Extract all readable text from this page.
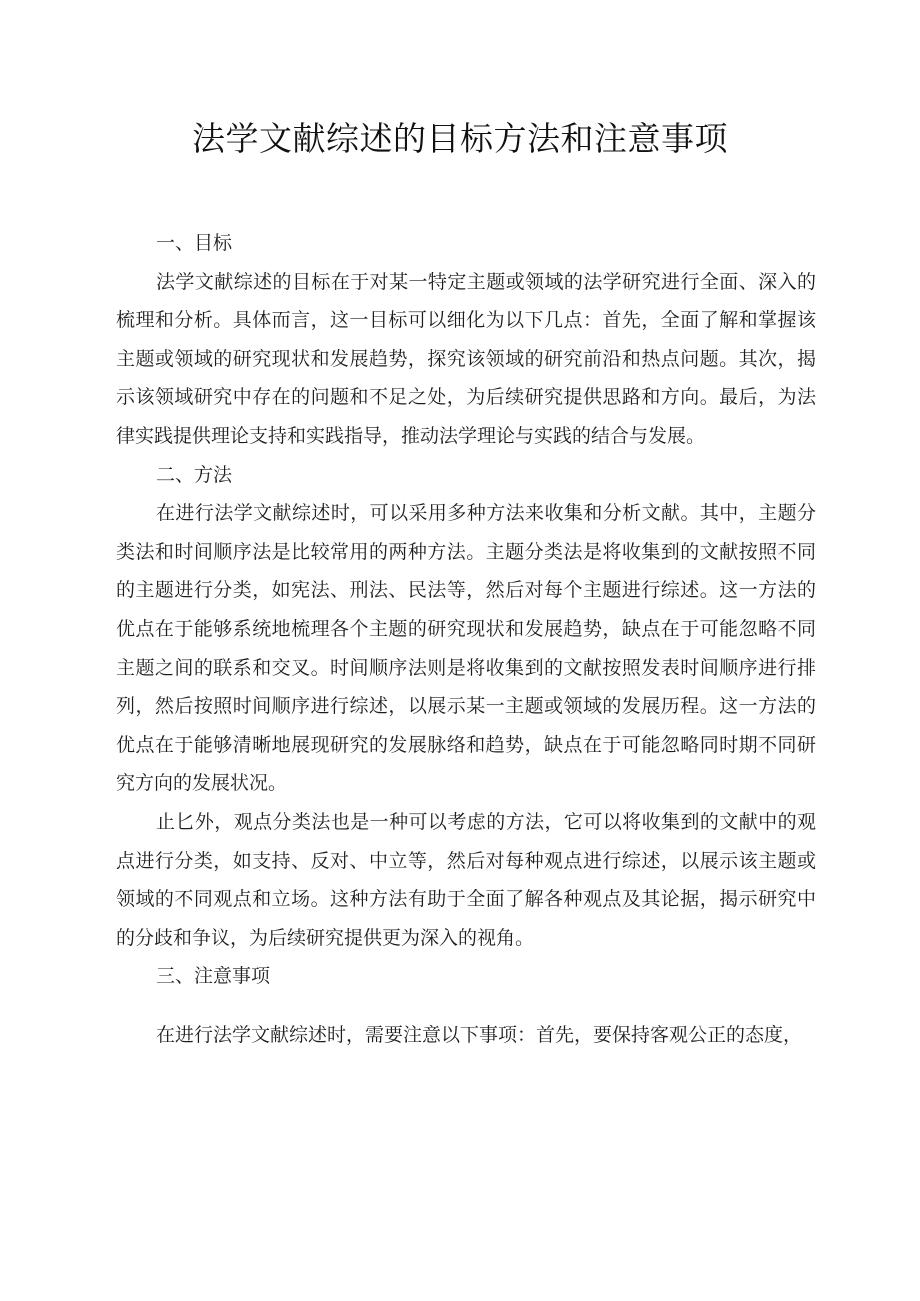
法学文献综述的目标方法和注意事项

一、目标

法学文献综述的目标在于对某一特定主题或领域的法学研究进行全面、深入的梳理和分析。具体而言，这一目标可以细化为以下几点：首先，全面了解和掌握该主题或领域的研究现状和发展趋势，探究该领域的研究前沿和热点问题。其次，揭示该领域研究中存在的问题和不足之处，为后续研究提供思路和方向。最后，为法律实践提供理论支持和实践指导，推动法学理论与实践的结合与发展。

二、方法

在进行法学文献综述时，可以采用多种方法来收集和分析文献。其中，主题分类法和时间顺序法是比较常用的两种方法。主题分类法是将收集到的文献按照不同的主题进行分类，如宪法、刑法、民法等，然后对每个主题进行综述。这一方法的优点在于能够系统地梳理各个主题的研究现状和发展趋势，缺点在于可能忽略不同主题之间的联系和交叉。时间顺序法则是将收集到的文献按照发表时间顺序进行排列，然后按照时间顺序进行综述，以展示某一主题或领域的发展历程。这一方法的优点在于能够清晰地展现研究的发展脉络和趋势，缺点在于可能忽略同时期不同研究方向的发展状况。

止匕外，观点分类法也是一种可以考虑的方法，它可以将收集到的文献中的观点进行分类，如支持、反对、中立等，然后对每种观点进行综述，以展示该主题或领域的不同观点和立场。这种方法有助于全面了解各种观点及其论据，揭示研究中的分歧和争议，为后续研究提供更为深入的视角。

三、注意事项

在进行法学文献综述时，需要注意以下事项：首先，要保持客观公正的态度，
